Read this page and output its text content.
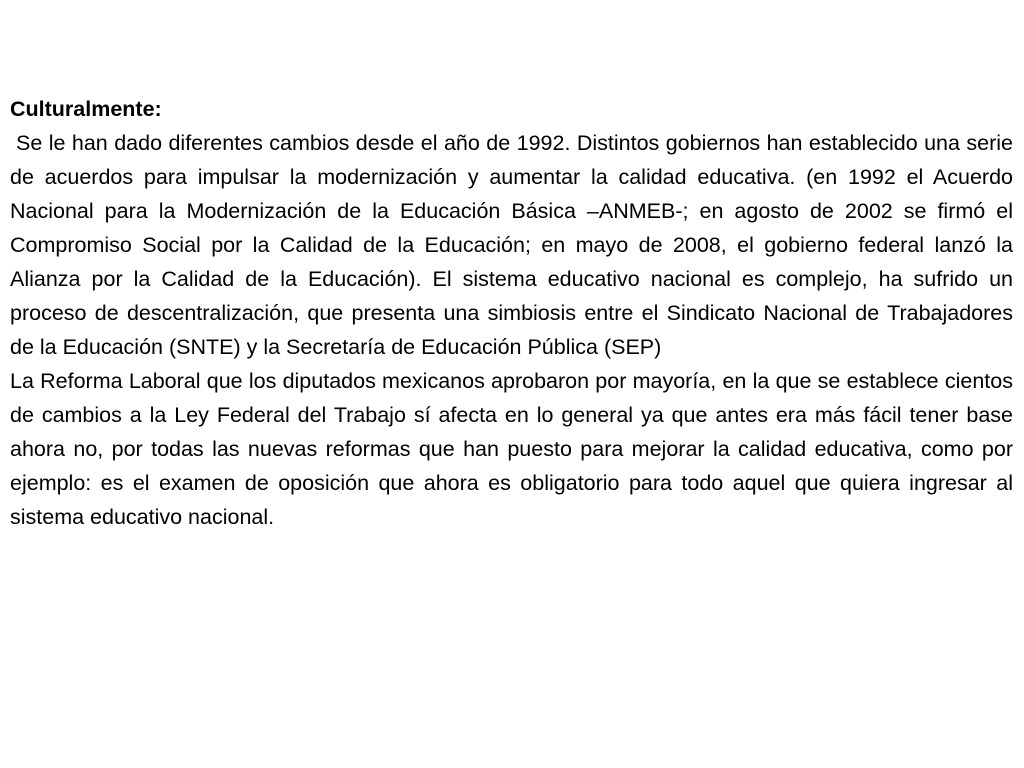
Culturalmente:

Se le han dado diferentes cambios desde el año de 1992. Distintos gobiernos han establecido una serie de acuerdos para impulsar la modernización y aumentar la calidad educativa. (en 1992 el Acuerdo Nacional para la Modernización de la Educación Básica –ANMEB-; en agosto de 2002 se firmó el Compromiso Social por la Calidad de la Educación; en mayo de 2008, el gobierno federal lanzó la Alianza por la Calidad de la Educación). El sistema educativo nacional es complejo, ha sufrido un proceso de descentralización, que presenta una simbiosis entre el Sindicato Nacional de Trabajadores de la Educación (SNTE) y la Secretaría de Educación Pública (SEP)

La Reforma Laboral que los diputados mexicanos aprobaron por mayoría, en la que se establece cientos de cambios a la Ley Federal del Trabajo sí afecta en lo general ya que antes era más fácil tener base ahora no, por todas las nuevas reformas que han puesto para mejorar la calidad educativa, como por ejemplo: es el examen de oposición que ahora es obligatorio para todo aquel que quiera ingresar al sistema educativo nacional.
